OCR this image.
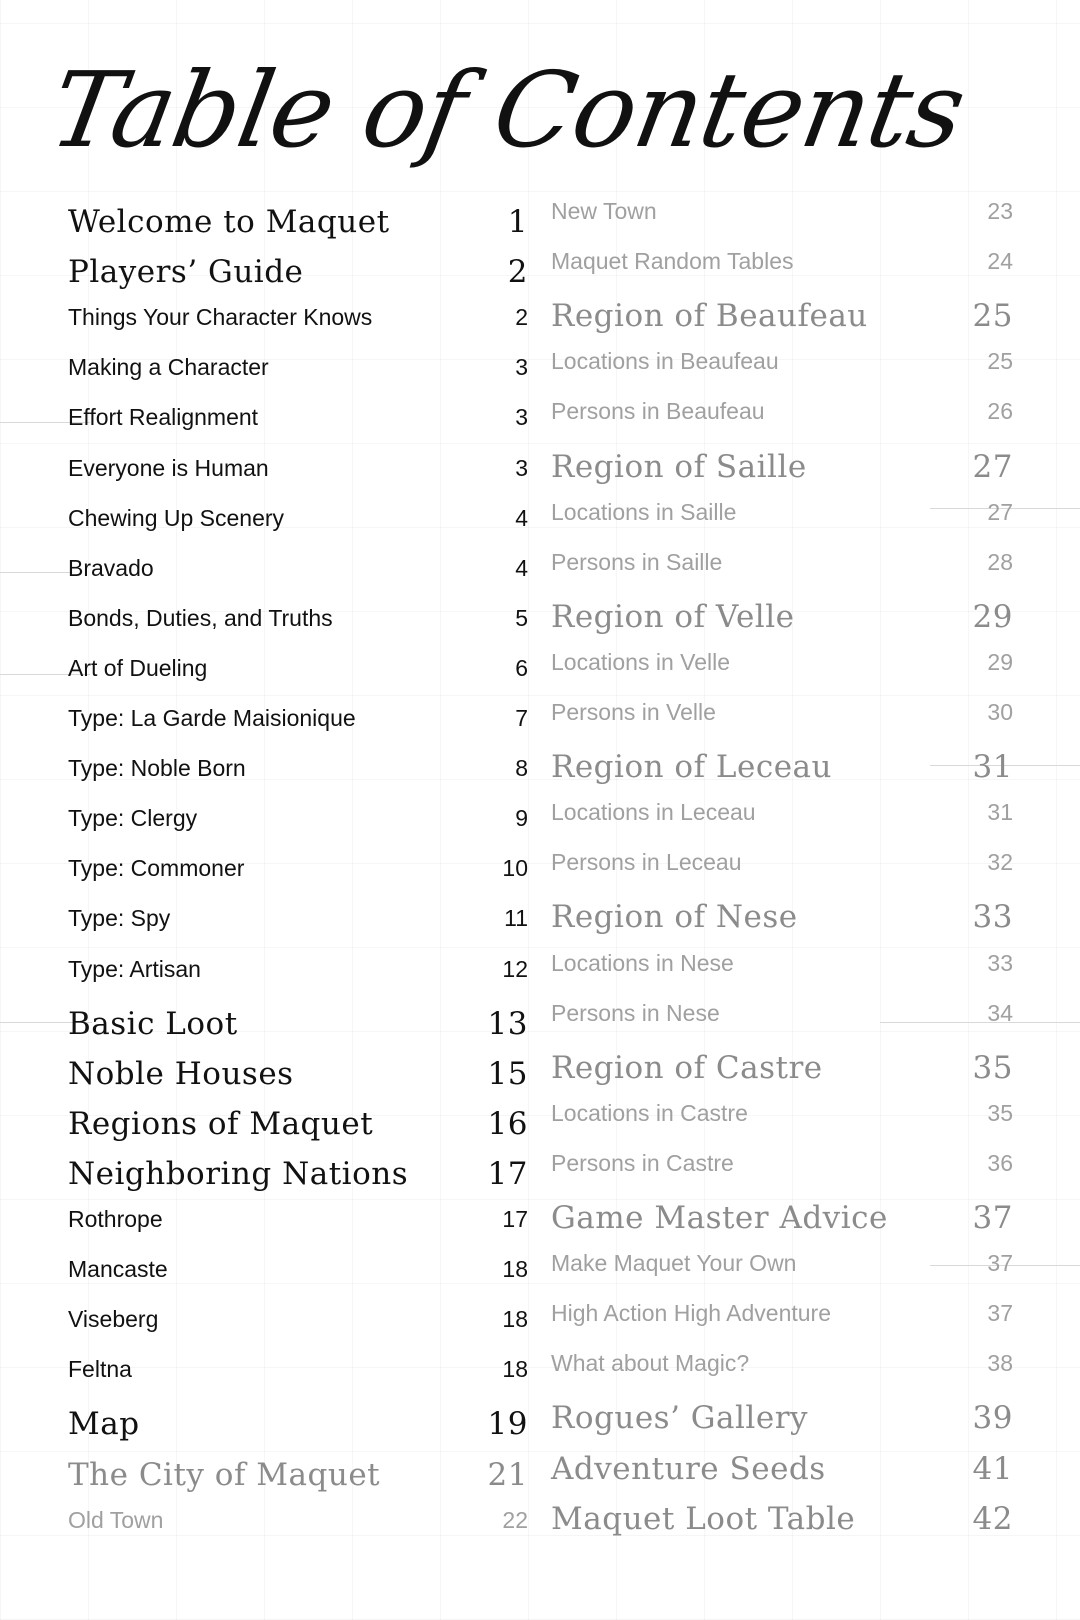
Table of Contents
Welcome to Maquet	1
Players’ Guide	2
Things Your Character Knows	2
Making a Character	3
Effort Realignment	3
Everyone is Human	3
Chewing Up Scenery	4
Bravado	4
Bonds, Duties, and Truths	5
Art of Dueling	6
Type: La Garde Maisionique	7
Type: Noble Born	8
Type: Clergy	9
Type: Commoner	10
Type: Spy	11
Type: Artisan	12
Basic Loot	13
Noble Houses	15
Regions of Maquet	16
Neighboring Nations	17
Rothrope	17
Mancaste	18
Viseberg	18
Feltna	18
Map	19
The City of Maquet	21
Old Town	22
New Town	23
Maquet Random Tables	24
Region of Beaufeau	25
Locations in Beaufeau	25
Persons in Beaufeau	26
Region of Saille	27
Locations in Saille	27
Persons in Saille	28
Region of Velle	29
Locations in Velle	29
Persons in Velle	30
Region of Leceau	31
Locations in Leceau	31
Persons in Leceau	32
Region of Nese	33
Locations in Nese	33
Persons in Nese	34
Region of Castre	35
Locations in Castre	35
Persons in Castre	36
Game Master Advice	37
Make Maquet Your Own	37
High Action High Adventure	37
What about Magic?	38
Rogues’ Gallery	39
Adventure Seeds	41
Maquet Loot Table	42
